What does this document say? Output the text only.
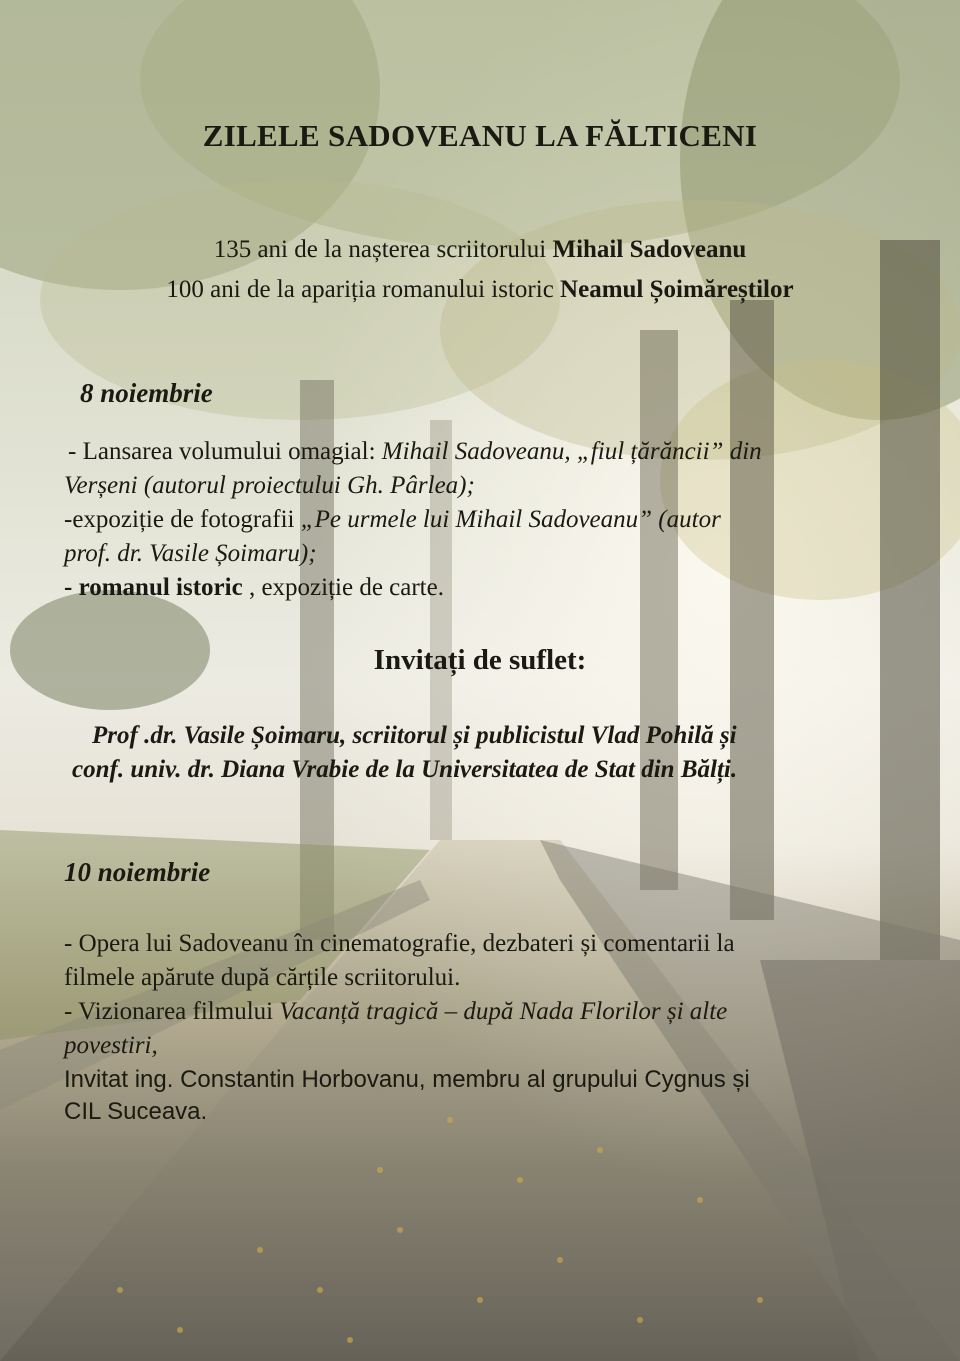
ZILELE SADOVEANU LA FĂLTICENI
135 ani de la nașterea scriitorului Mihail Sadoveanu
100 ani de la apariția romanului istoric Neamul Șoimăreștilor
8 noiembrie
- Lansarea volumului omagial: Mihail Sadoveanu, „fiul țărăncii” din
Verșeni (autorul proiectului Gh. Pârlea);
-expoziție de fotografii „Pe urmele lui Mihail Sadoveanu” (autor
prof. dr. Vasile Șoimaru);
- romanul istoric , expoziție de carte.
Invitați de suflet:
Prof .dr. Vasile Șoimaru, scriitorul și publicistul Vlad Pohilă și
conf. univ. dr. Diana Vrabie de la Universitatea de Stat din Bălți.
10 noiembrie
- Opera lui Sadoveanu în cinematografie, dezbateri și comentarii la
filmele apărute după cărțile scriitorului.
- Vizionarea filmului Vacanță tragică – după Nada Florilor și alte
povestiri,
Invitat ing. Constantin Horbovanu, membru al grupului Cygnus și
CIL Suceava.
